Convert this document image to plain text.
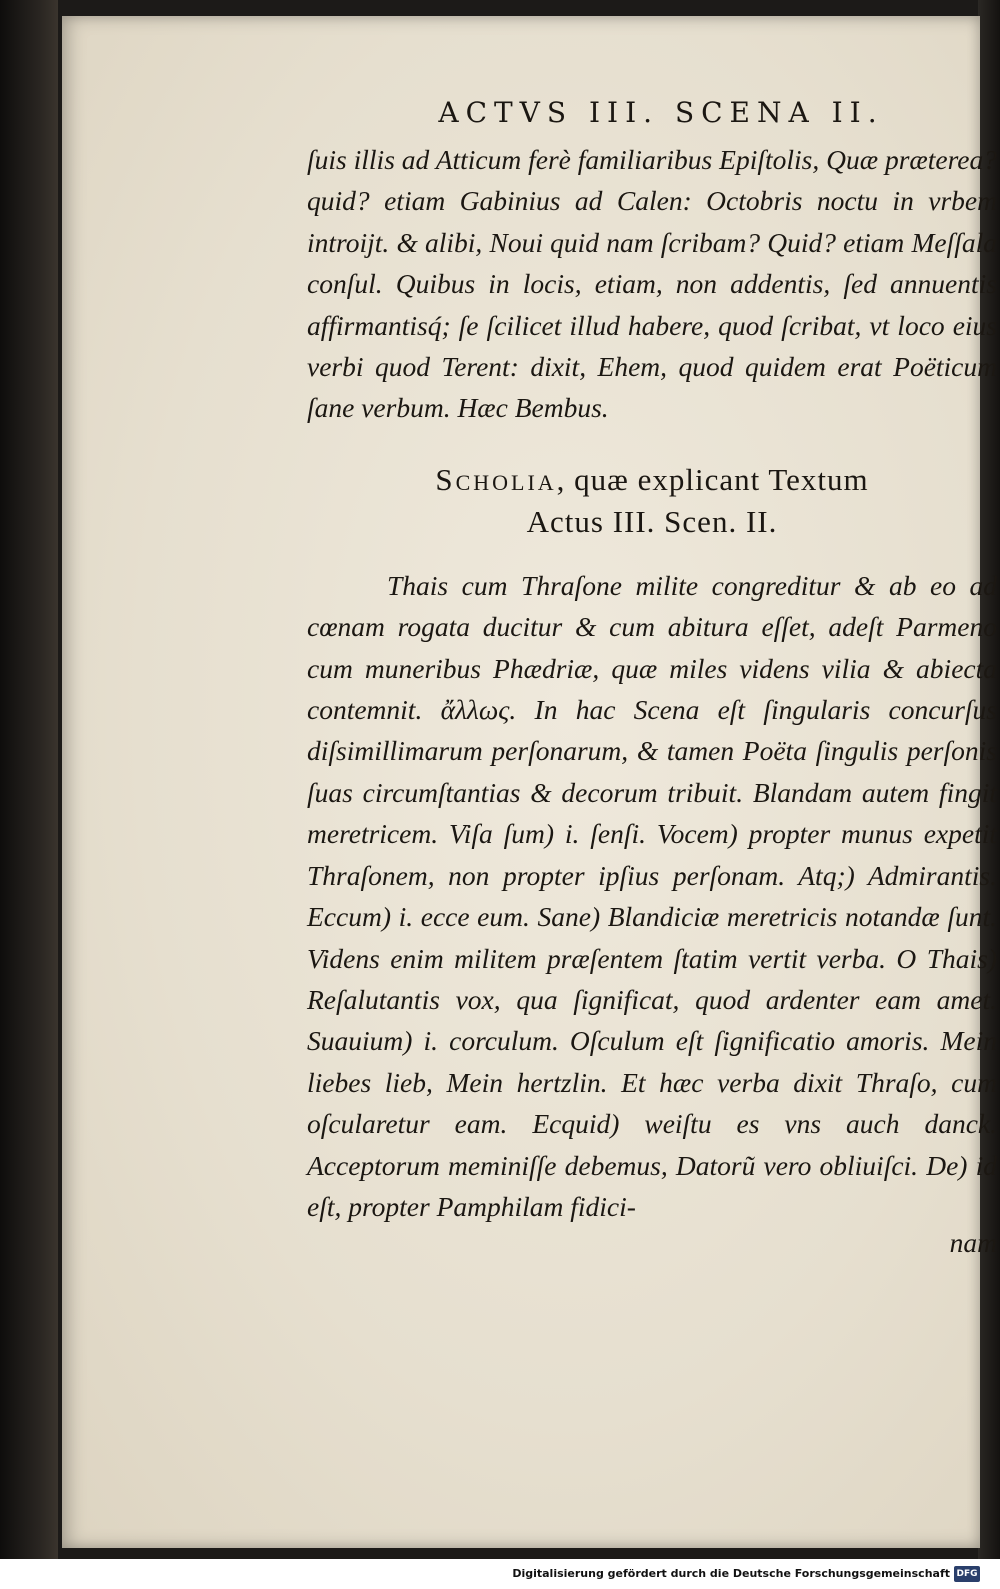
ACTVS III. SCENA II.

ſuis illis ad Atticum ferè familiaribus Epiſtolis, Quæ præterea? quid? etiam Gabinius ad Calen: Octobris noctu in vrbem introijt. & alibi, Noui quid nam ſcribam? Quid? etiam Meſſala conſul. Quibus in locis, etiam, non addentis, ſed annuentis affirmantisq́; ſe ſcilicet illud habere, quod ſcribat, vt loco eius verbi quod Terent: dixit, Ehem, quod quidem erat Poëticum ſane verbum. Hæc Bembus.

Scholia, quæ explicant Textum
Actus III. Scen. II.

Thais cum Thraſone milite congreditur & ab eo ad cœnam rogata ducitur & cum abitura eſſet, adeſt Parmeno cum muneribus Phædriæ, quæ miles videns vilia & abiecta contemnit. ἄλλως. In hac Scena eſt ſingularis concurſus diſsimillimarum perſonarum, & tamen Poëta ſingulis perſonis ſuas circumſtantias & decorum tribuit. Blandam autem fingit meretricem. Viſa ſum) i. ſenſi. Vocem) propter munus expetit Thraſonem, non propter ipſius perſonam. Atq;) Admirantis. Eccum) i. ecce eum. Sane) Blandiciæ meretricis notandæ ſunt. Videns enim militem præſentem ſtatim vertit verba. O Thais) Reſalutantis vox, qua ſignificat, quod ardenter eam amet. Suauium) i. corculum. Oſculum eſt ſignificatio amoris. Mein liebes lieb, Mein hertzlin. Et hæc verba dixit Thraſo, cum oſcularetur eam. Ecquid) weiſtu es vns auch danck. Acceptorum meminiſſe debemus, Datorũ vero obliuiſci. De) id eſt, propter Pamphilam fidici-

nam
Digitalisierung gefördert durch die Deutsche Forschungsgemeinschaft DFG
